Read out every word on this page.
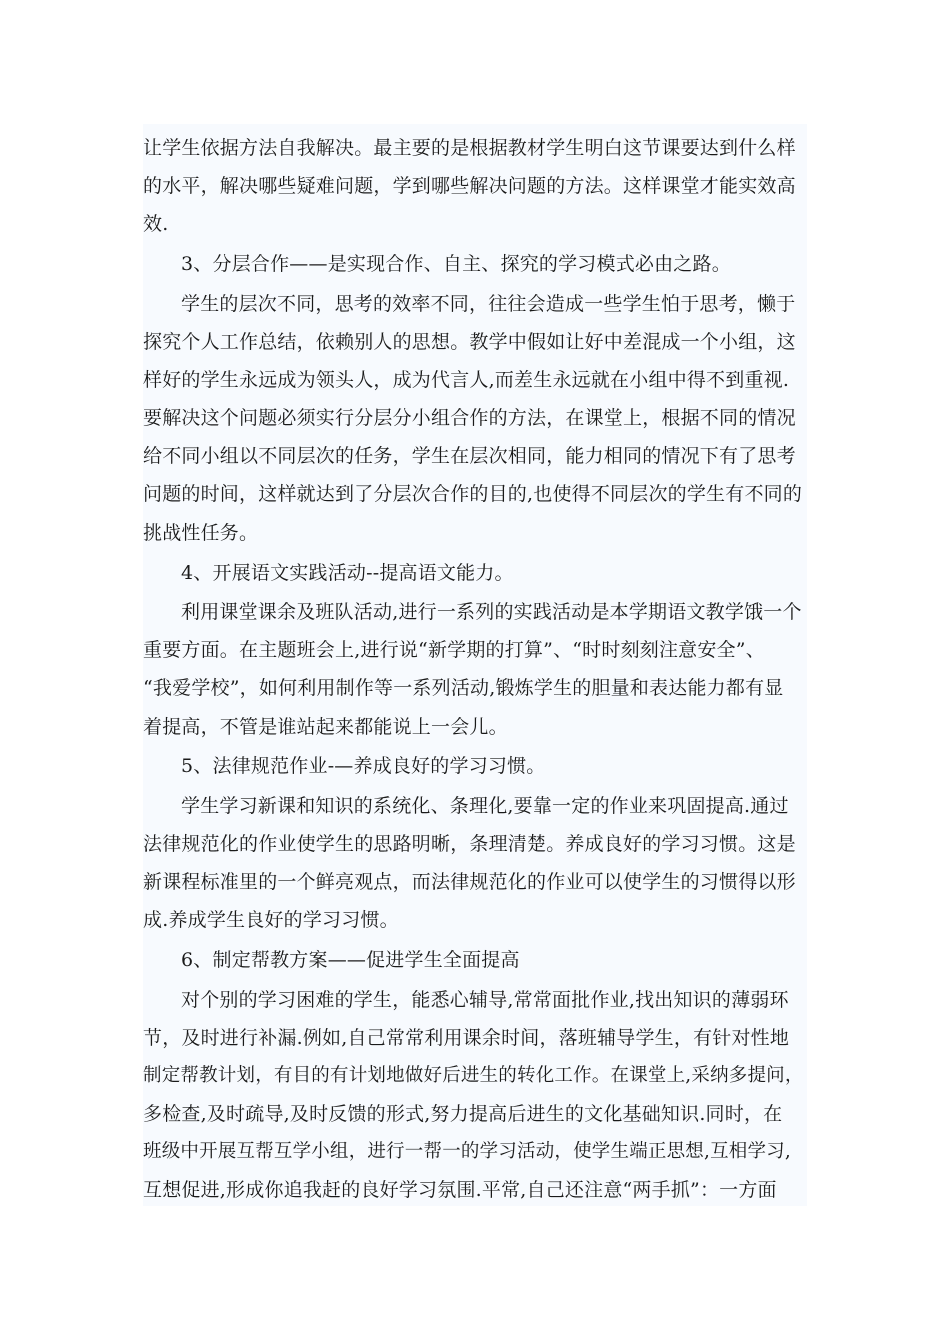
让学生依据方法自我解决。最主要的是根据教材学生明白这节课要达到什么样
的水平，解决哪些疑难问题，学到哪些解决问题的方法。这样课堂才能实效高
效.
3、分层合作——是实现合作、自主、探究的学习模式必由之路。
学生的层次不同，思考的效率不同，往往会造成一些学生怕于思考，懒于
探究个人工作总结，依赖别人的思想。教学中假如让好中差混成一个小组，这
样好的学生永远成为领头人，成为代言人,而差生永远就在小组中得不到重视.
要解决这个问题必须实行分层分小组合作的方法，在课堂上，根据不同的情况
给不同小组以不同层次的任务，学生在层次相同，能力相同的情况下有了思考
问题的时间，这样就达到了分层次合作的目的,也使得不同层次的学生有不同的
挑战性任务。
4、开展语文实践活动--提高语文能力。
利用课堂课余及班队活动,进行一系列的实践活动是本学期语文教学饿一个
重要方面。在主题班会上,进行说“新学期的打算”、“时时刻刻注意安全”、
“我爱学校”，如何利用制作等一系列活动,锻炼学生的胆量和表达能力都有显
着提高，不管是谁站起来都能说上一会儿。
5、法律规范作业-—养成良好的学习习惯。
学生学习新课和知识的系统化、条理化,要靠一定的作业来巩固提高.通过
法律规范化的作业使学生的思路明晰，条理清楚。养成良好的学习习惯。这是
新课程标准里的一个鲜亮观点，而法律规范化的作业可以使学生的习惯得以形
成.养成学生良好的学习习惯。
6、制定帮教方案——促进学生全面提高
对个别的学习困难的学生，能悉心辅导,常常面批作业,找出知识的薄弱环
节，及时进行补漏.例如,自己常常利用课余时间，落班辅导学生，有针对性地
制定帮教计划，有目的有计划地做好后进生的转化工作。在课堂上,采纳多提问，
多检查,及时疏导,及时反馈的形式,努力提高后进生的文化基础知识.同时，在
班级中开展互帮互学小组，进行一帮一的学习活动，使学生端正思想,互相学习,
互想促进,形成你追我赶的良好学习氛围.平常,自己还注意“两手抓”：一方面
